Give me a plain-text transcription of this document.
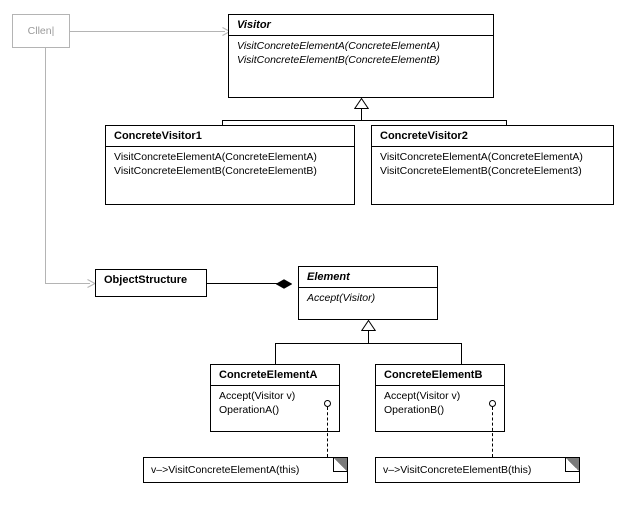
Cllen|	Visitor
VisitConcreteElementA(ConcreteElementA)
VisitConcreteElementB(ConcreteElementB)
ConcreteVisitor1
VisitConcreteElementA(ConcreteElementA)
VisitConcreteElementB(ConcreteElementB)
ConcreteVisitor2
VisitConcreteElementA(ConcreteElementA)
VisitConcreteElementB(ConcreteElement3)
ObjectStructure	Element
Accept(Visitor)
ConcreteElementA
Accept(Visitor v)
OperationA()
ConcreteElementB
Accept(Visitor v)
OperationB()
v–>VisitConcreteElementA(this)	v–>VisitConcreteElementB(this)
